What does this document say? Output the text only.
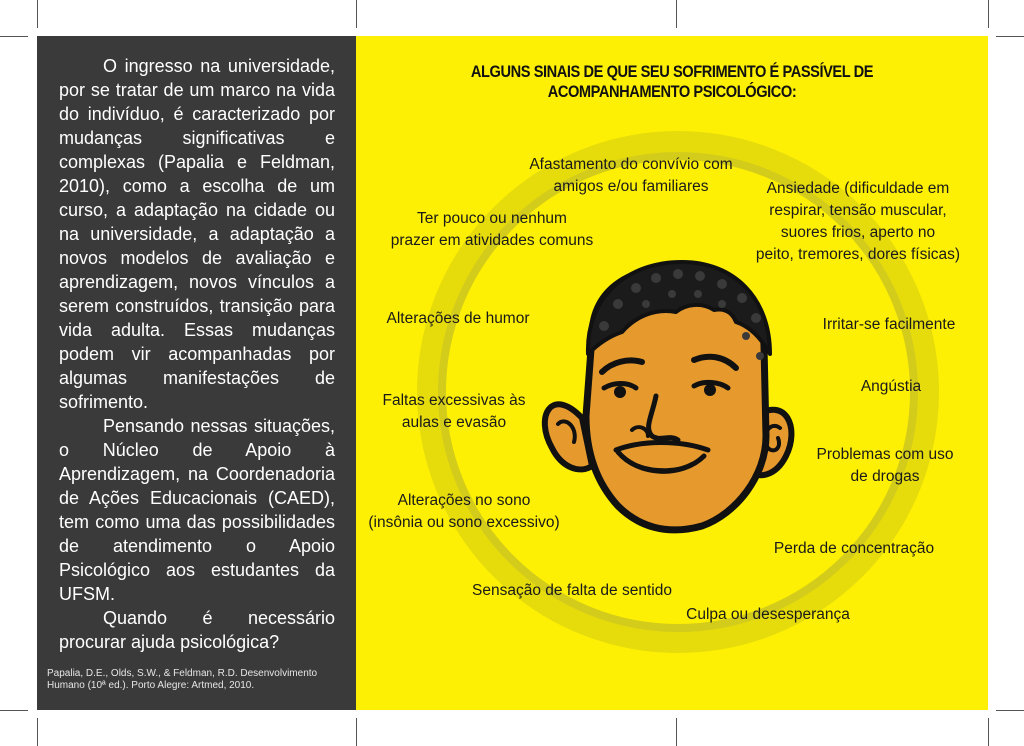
O ingresso na universidade, por se tratar de um marco na vida do indivíduo, é caracterizado por mudanças significativas e complexas (Papalia e Feldman, 2010), como a escolha de um curso, a adaptação na cidade ou na universidade, a adaptação a novos modelos de avaliação e aprendizagem, novos vínculos a serem construídos, transição para vida adulta. Essas mudanças podem vir acompanhadas por algumas manifestações de sofrimento.

Pensando nessas situações, o Núcleo de Apoio à Aprendizagem, na Coordenadoria de Ações Educacionais (CAED), tem como uma das possibilidades de atendimento o Apoio Psicológico aos estudantes da UFSM.

Quando é necessário procurar ajuda psicológica?

Papalia, D.E., Olds, S.W., & Feldman, R.D. Desenvolvimento Humano (10ª ed.). Porto Alegre: Artmed, 2010.

ALGUNS SINAIS DE QUE SEU SOFRIMENTO É PASSÍVEL DE ACOMPANHAMENTO PSICOLÓGICO:

Afastamento do convívio com
amigos e/ou familiares

Ter pouco ou nenhum
prazer em atividades comuns

Ansiedade (dificuldade em
respirar, tensão muscular,
suores frios, aperto no
peito, tremores, dores físicas)

Alterações de humor	Irritar-se facilmente

Angústia

Faltas excessivas às
aulas e evasão

Problemas com uso
de drogas

Alterações no sono
(insônia ou sono excessivo)

Perda de concentração

Sensação de falta de sentido

Culpa ou desesperança
